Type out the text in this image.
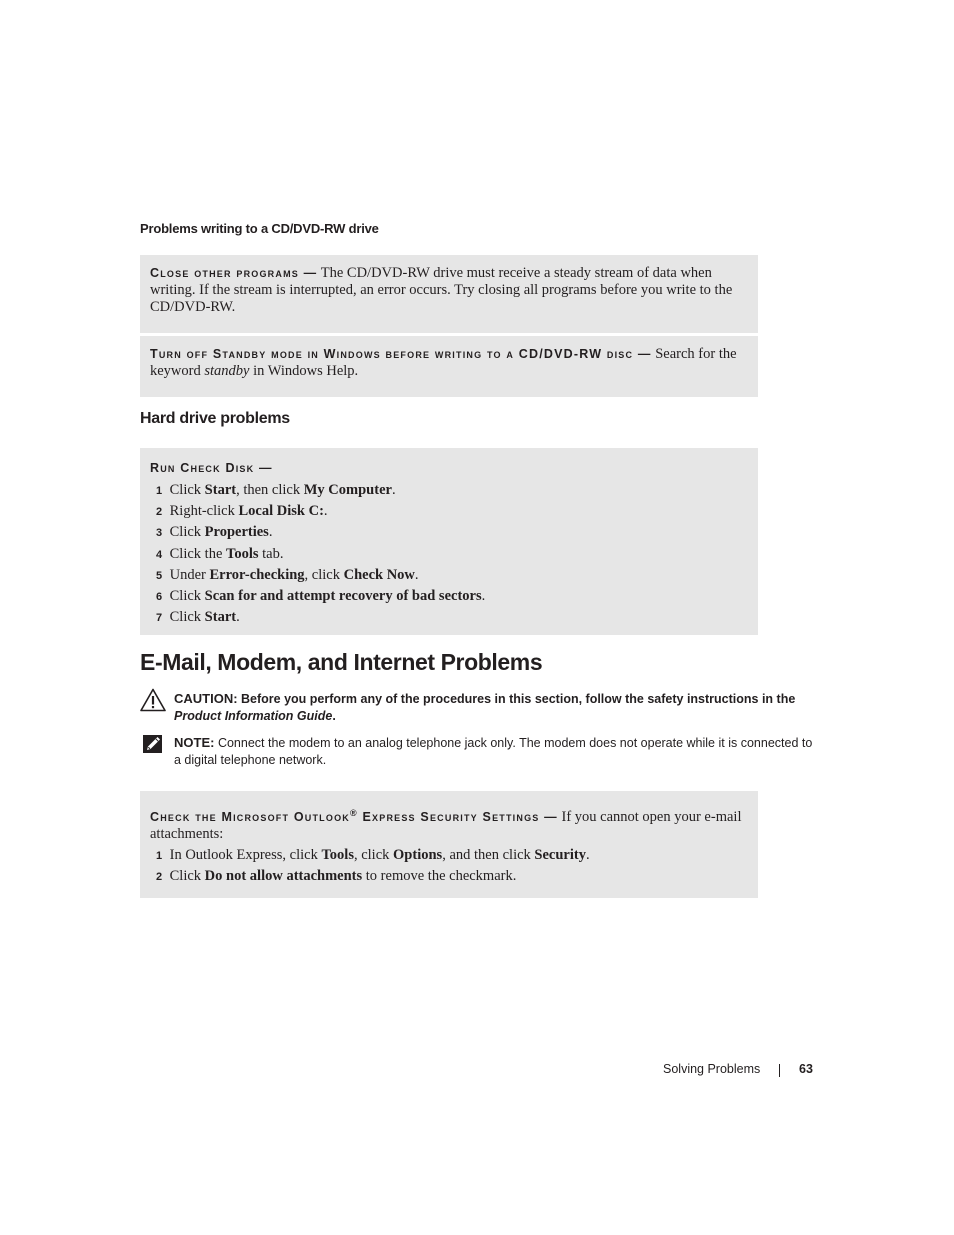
Problems writing to a CD/DVD-RW drive
Close other programs — The CD/DVD-RW drive must receive a steady stream of data when writing. If the stream is interrupted, an error occurs. Try closing all programs before you write to the CD/DVD-RW.
Turn off Standby mode in Windows before writing to a CD/DVD-RW disc — Search for the keyword standby in Windows Help.
Hard drive problems
Run Check Disk —
1 Click Start, then click My Computer.
2 Right-click Local Disk C:.
3 Click Properties.
4 Click the Tools tab.
5 Under Error-checking, click Check Now.
6 Click Scan for and attempt recovery of bad sectors.
7 Click Start.
E-Mail, Modem, and Internet Problems
CAUTION: Before you perform any of the procedures in this section, follow the safety instructions in the Product Information Guide.
NOTE: Connect the modem to an analog telephone jack only. The modem does not operate while it is connected to a digital telephone network.
Check the Microsoft Outlook® Express Security Settings — If you cannot open your e-mail attachments:
1 In Outlook Express, click Tools, click Options, and then click Security.
2 Click Do not allow attachments to remove the checkmark.
Solving Problems	63
